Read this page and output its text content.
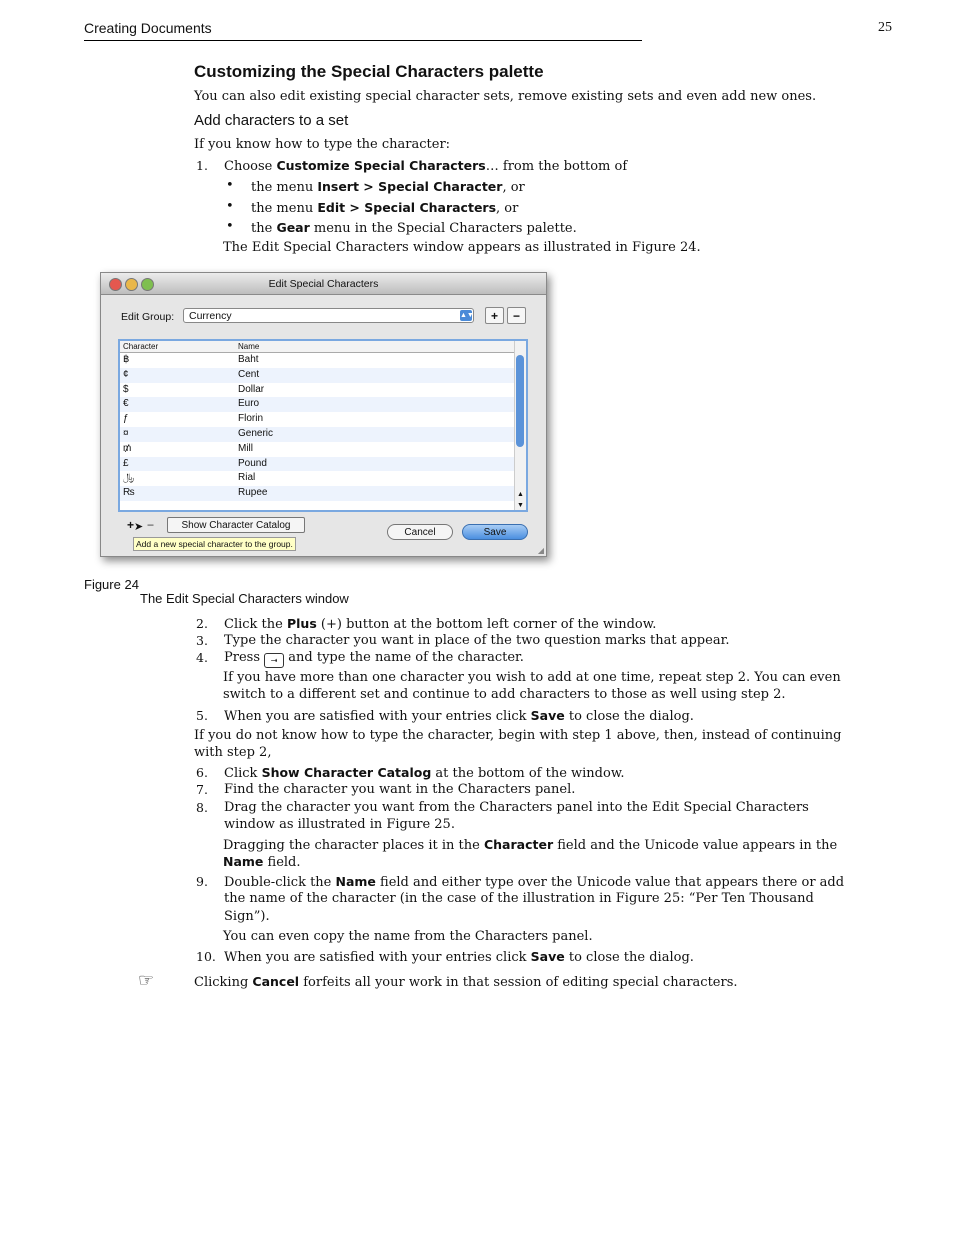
Creating Documents	25
Customizing the Special Characters palette
You can also edit existing special character sets, remove existing sets and even add new ones.
Add characters to a set
If you know how to type the character:
1. Choose Customize Special Characters… from the bottom of
• the menu Insert > Special Character, or
• the menu Edit > Special Characters, or
• the Gear menu in the Special Characters palette.
The Edit Special Characters window appears as illustrated in Figure 24.
Edit Special Characters
Edit Group:	Currency	▲▼	+	−
Character	Name
฿	Baht
¢	Cent
$	Dollar
€	Euro
ƒ	Florin
¤	Generic
₥	Mill
£	Pound
﷼	Rial
₨	Rupee	▲
▼
+ ➤ −	Show Character Catalog
Cancel	Save
Add a new special character to the group.
◢
Figure 24
The Edit Special Characters window
2. Click the Plus (+) button at the bottom left corner of the window.
3. Type the character you want in place of the two question marks that appear.
4. Press ⇥ and type the name of the character.
If you have more than one character you wish to add at one time, repeat step 2. You can even
switch to a different set and continue to add characters to those as well using step 2.
5. When you are satisfied with your entries click Save to close the dialog.
If you do not know how to type the character, begin with step 1 above, then, instead of continuing
with step 2,
6. Click Show Character Catalog at the bottom of the window.
7. Find the character you want in the Characters panel.
8. Drag the character you want from the Characters panel into the Edit Special Characters
window as illustrated in Figure 25.
Dragging the character places it in the Character field and the Unicode value appears in the
Name field.
9. Double-click the Name field and either type over the Unicode value that appears there or add
the name of the character (in the case of the illustration in Figure 25: “Per Ten Thousand
Sign”).
You can even copy the name from the Characters panel.
10. When you are satisfied with your entries click Save to close the dialog.
☞	Clicking Cancel forfeits all your work in that session of editing special characters.
